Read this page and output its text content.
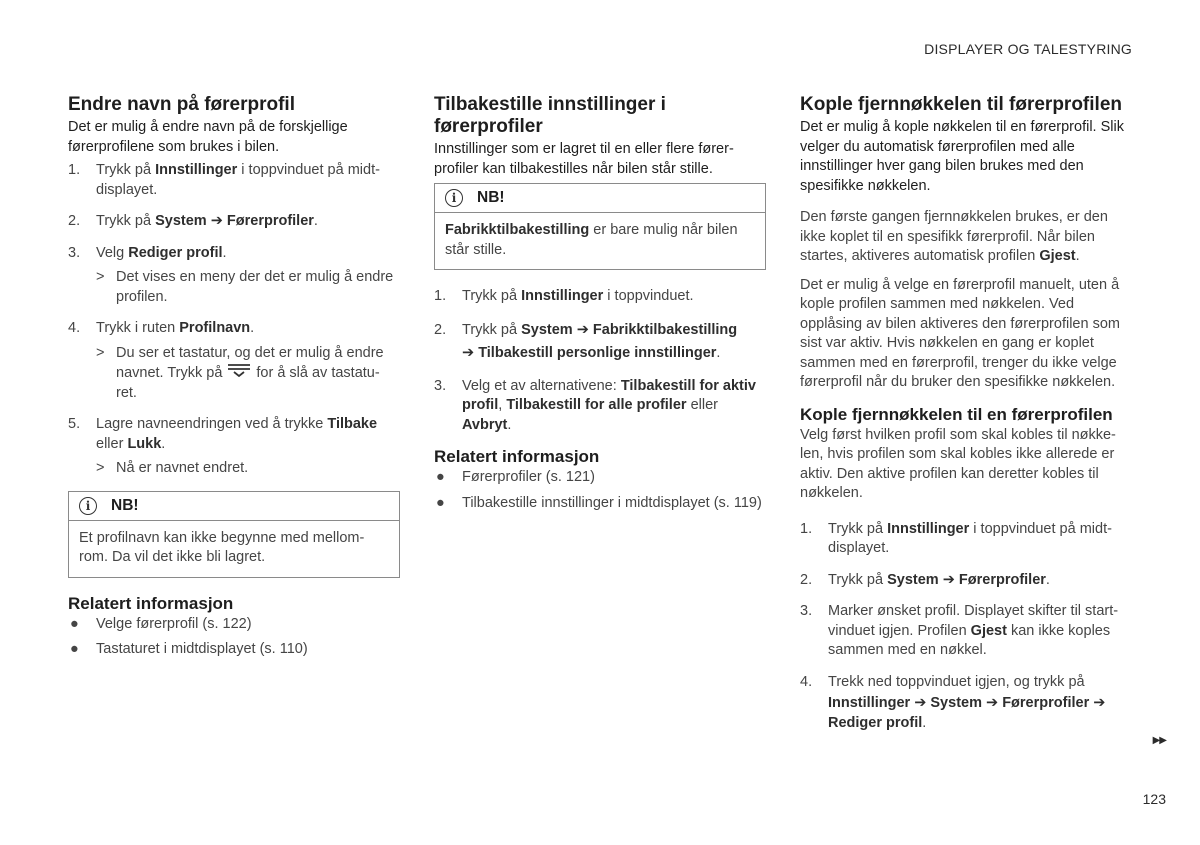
DISPLAYER OG TALESTYRING
Endre navn på førerprofil

Det er mulig å endre navn på de forskjellige førerprofilene som brukes i bilen.

1. Trykk på Innstillinger i toppvinduet på midt-displayet.
2. Trykk på System ➔ Førerprofiler.
3. Velg Rediger profil.
> Det vises en meny der det er mulig å endre profilen.
4. Trykk i ruten Profilnavn.
> Du ser et tastatur, og det er mulig å endre navnet. Trykk på for å slå av tastatu-ret.
5. Lagre navneendringen ved å trykke Tilbake eller Lukk.
> Nå er navnet endret.
i	NB!

Et profilnavn kan ikke begynne med mellom-rom. Da vil det ikke bli lagret.

Relatert informasjon
● Velge førerprofil (s. 122)
● Tastaturet i midtdisplayet (s. 110)
Tilbakestille innstillinger i førerprofiler

Innstillinger som er lagret til en eller flere fører-profiler kan tilbakestilles når bilen står stille.

i	NB!

Fabrikktilbakestilling er bare mulig når bilen står stille.

1. Trykk på Innstillinger i toppvinduet.
2. Trykk på System ➔ Fabrikktilbakestilling
➔ Tilbakestill personlige innstillinger.
3. Velg et av alternativene: Tilbakestill for aktiv profil, Tilbakestill for alle profiler eller Avbryt.
Relatert informasjon
● Førerprofiler (s. 121)
● Tilbakestille innstillinger i midtdisplayet (s. 119)
Kople fjernnøkkelen til førerprofilen

Det er mulig å kople nøkkelen til en førerprofil. Slik velger du automatisk førerprofilen med alle innstillinger hver gang bilen brukes med den spesifikke nøkkelen.

Den første gangen fjernnøkkelen brukes, er den ikke koplet til en spesifikk førerprofil. Når bilen startes, aktiveres automatisk profilen Gjest.

Det er mulig å velge en førerprofil manuelt, uten å kople profilen sammen med nøkkelen. Ved opplåsing av bilen aktiveres den førerprofilen som sist var aktiv. Hvis nøkkelen en gang er koplet sammen med en førerprofil, trenger du ikke velge førerprofil når du bruker den spesifikke nøkkelen.

Kople fjernnøkkelen til en førerprofilen

Velg først hvilken profil som skal kobles til nøkke-len, hvis profilen som skal kobles ikke allerede er aktiv. Den aktive profilen kan deretter kobles til nøkkelen.

1. Trykk på Innstillinger i toppvinduet på midt-displayet.
2. Trykk på System ➔ Førerprofiler.
3. Marker ønsket profil. Displayet skifter til start-vinduet igjen. Profilen Gjest kan ikke koples sammen med en nøkkel.
4. Trekk ned toppvinduet igjen, og trykk på
Innstillinger ➔ System ➔ Førerprofiler ➔
Rediger profil.
▶▶
123
